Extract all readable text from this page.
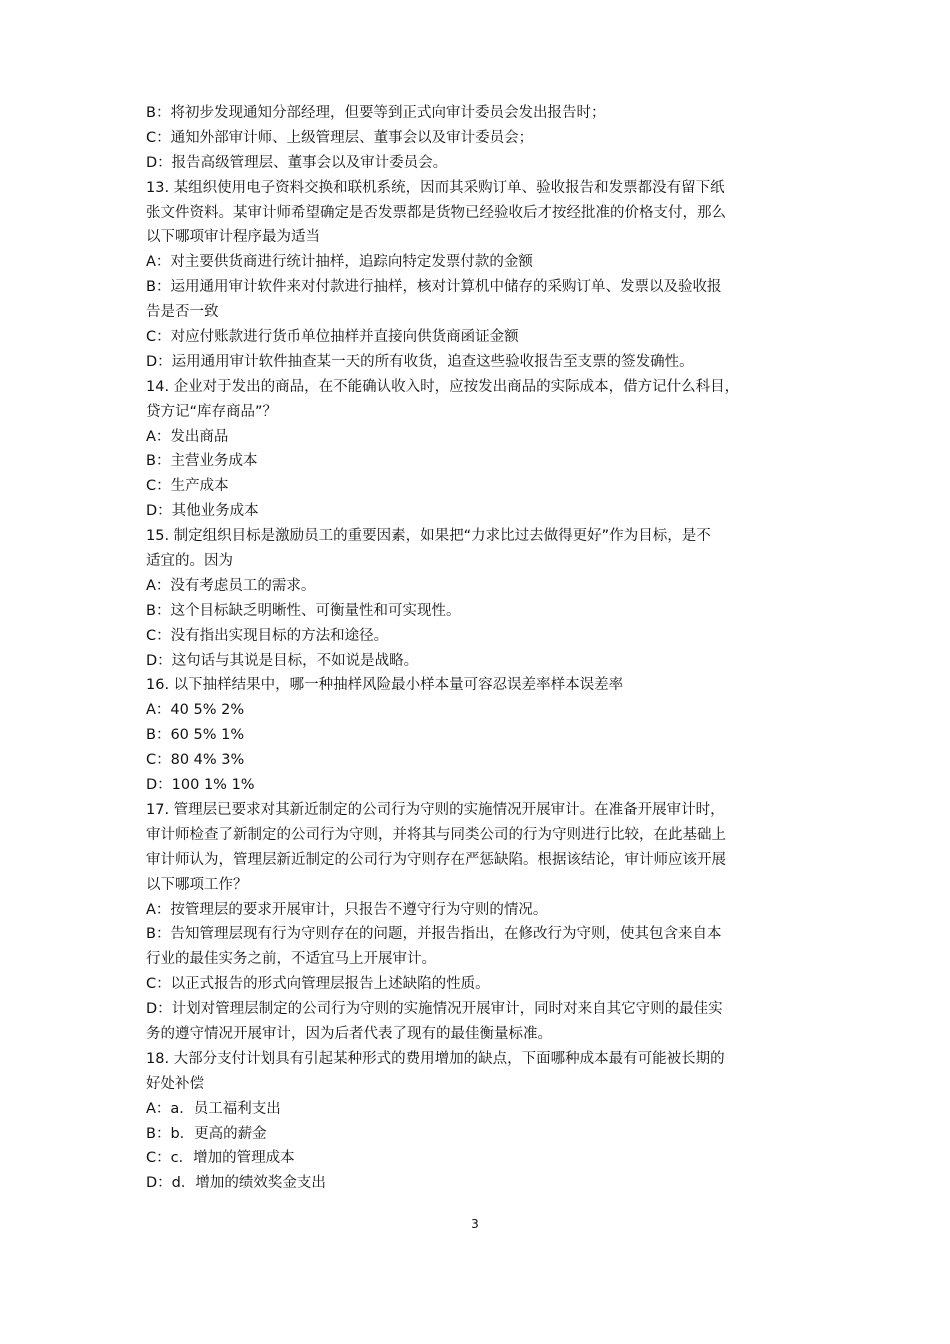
B：将初步发现通知分部经理，但要等到正式向审计委员会发出报告时；
C：通知外部审计师、上级管理层、董事会以及审计委员会；
D：报告高级管理层、董事会以及审计委员会。
13. 某组织使用电子资料交换和联机系统，因而其采购订单、验收报告和发票都没有留下纸
张文件资料。某审计师希望确定是否发票都是货物已经验收后才按经批准的价格支付，那么
以下哪项审计程序最为适当
A：对主要供货商进行统计抽样，追踪向特定发票付款的金额
B：运用通用审计软件来对付款进行抽样，核对计算机中储存的采购订单、发票以及验收报
告是否一致
C：对应付账款进行货币单位抽样并直接向供货商函证金额
D：运用通用审计软件抽查某一天的所有收货，追查这些验收报告至支票的签发确性。
14. 企业对于发出的商品，在不能确认收入时，应按发出商品的实际成本，借方记什么科目，
贷方记“库存商品”？
A：发出商品
B：主营业务成本
C：生产成本
D：其他业务成本
15. 制定组织目标是激励员工的重要因素，如果把“力求比过去做得更好”作为目标，是不
适宜的。因为
A：没有考虑员工的需求。
B：这个目标缺乏明晰性、可衡量性和可实现性。
C：没有指出实现目标的方法和途径。
D：这句话与其说是目标，不如说是战略。
16. 以下抽样结果中，哪一种抽样风险最小样本量可容忍误差率样本误差率
A：40 5% 2%
B：60 5% 1%
C：80 4% 3%
D：100 1% 1%
17. 管理层已要求对其新近制定的公司行为守则的实施情况开展审计。在准备开展审计时，
审计师检查了新制定的公司行为守则，并将其与同类公司的行为守则进行比较，在此基础上
审计师认为，管理层新近制定的公司行为守则存在严惩缺陷。根据该结论，审计师应该开展
以下哪项工作？
A：按管理层的要求开展审计，只报告不遵守行为守则的情况。
B：告知管理层现有行为守则存在的问题，并报告指出，在修改行为守则，使其包含来自本
行业的最佳实务之前，不适宜马上开展审计。
C：以正式报告的形式向管理层报告上述缺陷的性质。
D：计划对管理层制定的公司行为守则的实施情况开展审计，同时对来自其它守则的最佳实
务的遵守情况开展审计，因为后者代表了现有的最佳衡量标准。
18. 大部分支付计划具有引起某种形式的费用增加的缺点，下面哪种成本最有可能被长期的
好处补偿
A：a．员工福利支出
B：b．更高的薪金
C：c．增加的管理成本
D：d．增加的绩效奖金支出
3
